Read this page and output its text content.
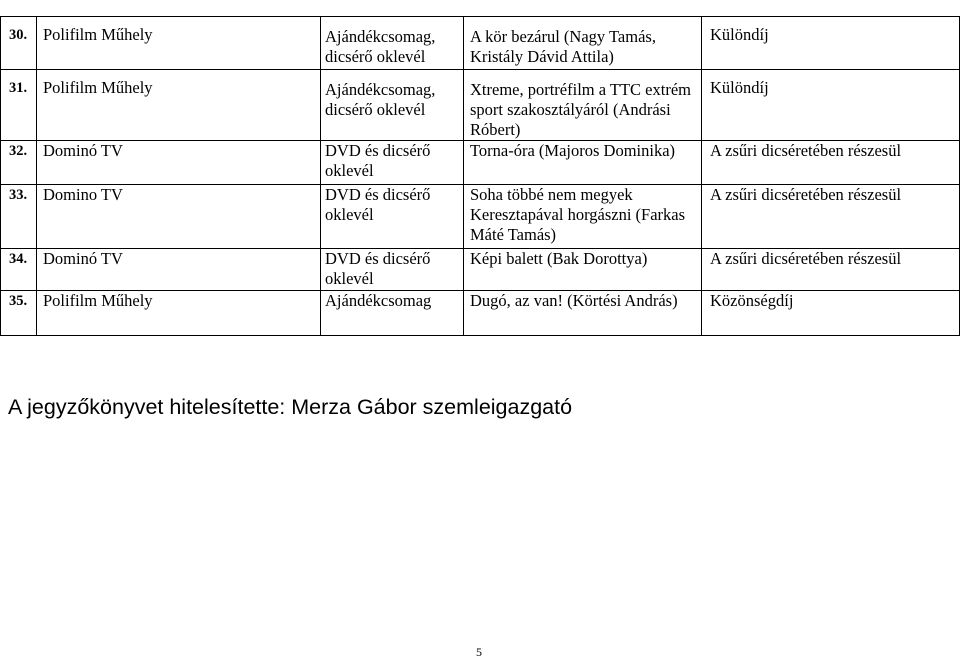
30.	Polifilm Műhely	Ajándékcsomag, dicsérő oklevél	A kör bezárul (Nagy Tamás, Kristály Dávid Attila)	Különdíj

31.	Polifilm Műhely	Ajándékcsomag, dicsérő oklevél	Xtreme, portréfilm a TTC extrém sport szakosztályáról (Andrási Róbert)	Különdíj

32.	Dominó TV	DVD és dicsérő oklevél	Torna-óra (Majoros Dominika)	A zsűri dicséretében részesül

33.	Domino TV	DVD és dicsérő oklevél	Soha többé nem megyek Keresztapával horgászni (Farkas Máté Tamás)	A zsűri dicséretében részesül

34.	Dominó TV	DVD és dicsérő oklevél	Képi balett (Bak Dorottya)	A zsűri dicséretében részesül

35.	Polifilm Műhely	Ajándékcsomag	Dugó, az van! (Körtési András)	Közönségdíj
A jegyzőkönyvet hitelesítette: Merza Gábor szemleigazgató
5
